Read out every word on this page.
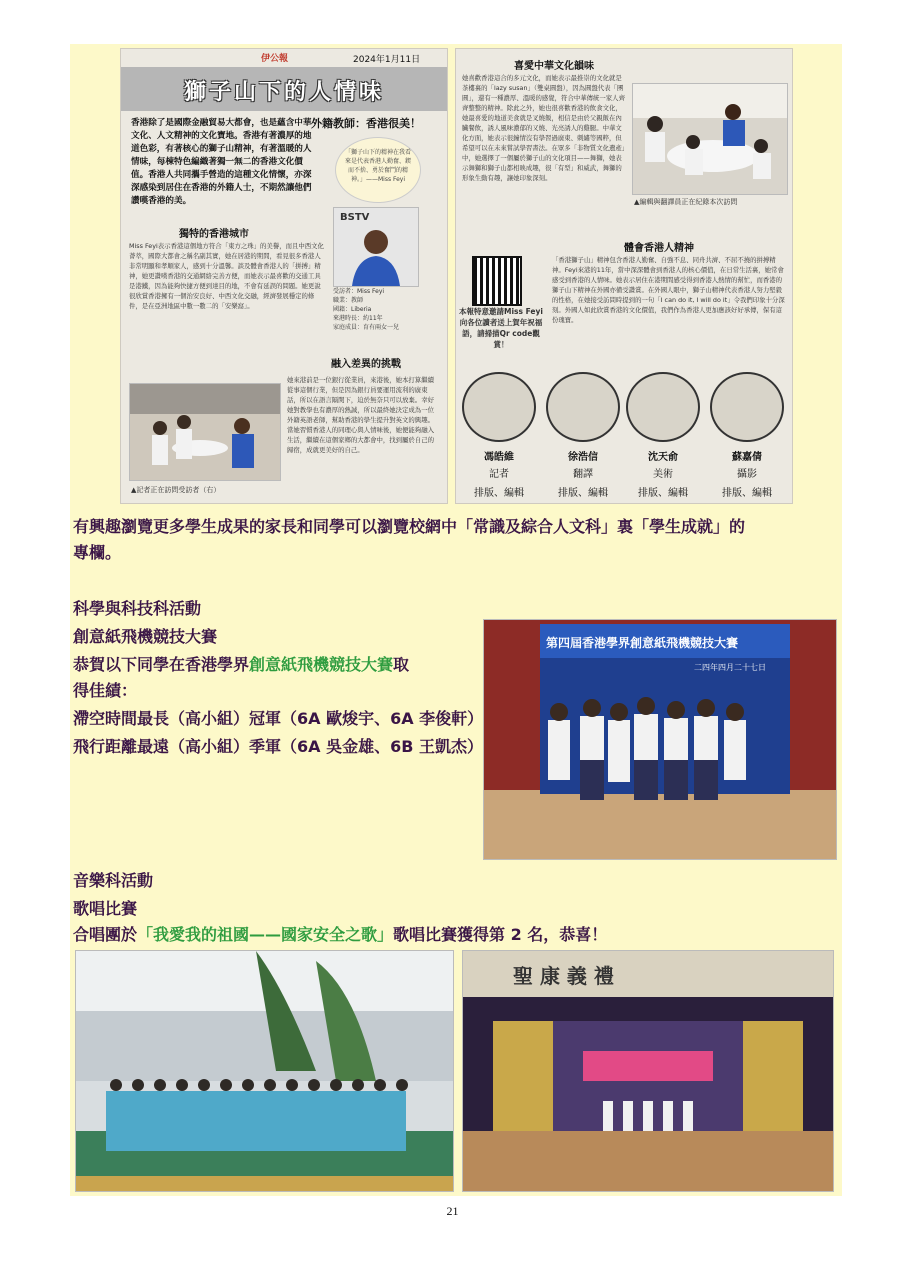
伊公報	2024年1月11日
獅子山下的人情味
外籍教師：香港很美！
香港除了是國際金融貿易大都會，也是蘊含中華文化、人文精神的文化寶地。香港有著濃厚的地道色彩，有著核心的獅子山精神，有著溫暖的人情味，每棟特色編織著獨一無二的香港文化價值。香港人共同攜手營造的這種文化情懷，亦深深感染到居住在香港的外籍人士，不期然讓他們讚嘆香港的美。
「獅子山下的精神在我看來是代表香港人勤奮、鍥而不捨、勇於奮鬥的精神。」——Miss Feyi
BSTV
受訪者：Miss Feyi
職業：教師
國籍：Liberia
來港時長：約11年
家庭成員：育有兩女一兒
獨特的香港城市
Miss Feyi表示香港這個地方符合「東方之珠」的美譽，而且中西文化薈萃，國際大都會之稱名副其實，她在居港的期間，看見很多香港人非常明顯和孝順家人，感到十分溫馨。談及體會香港人的「拼搏」精神，她更讚嘆香港的交通網絡完善方便，而她表示最喜歡的交通工具是港鐵，因為能夠快捷方便到達目的地，不會有延誤的問題。她更說很欣賞香港擁有一個治安良好、中西文化交融，經濟發展穩定的條件，是在亞洲地區中數一數二的「安樂窩」。
融入差異的挑戰
她來港前是一位銀行從業員，來港後，她本打算繼續從事這個行業，但是因為銀行員要運用流利的廣東話，所以在語言隔閡下，迫於無奈只可以放棄。幸好她對教學也有濃厚的熱誠，所以最終她決定成為一位外籍英語老師，幫助香港的學生提升對英文的興趣。當她習慣香港人的同理心與人情味後，她便能夠融入生活，繼續在這個家鄉的大都會中，找到屬於自己的歸宿，成就更美好的自己。
▲記者正在訪問受訪者（右）
喜愛中華文化韻味
她喜歡香港這合的多元文化，而她表示最推崇的文化就是茶樓裏的「lazy susan」（雙桌圓盤），因為圓盤代表「團圓」，還有一種濃厚、溫暖的感覺，符合中華傳統一家人齊齊整整的精神。除此之外，她也很喜歡香港的飲食文化，她最喜愛的地道美食就是叉燒飯，相信是由於父親飯在內臟餐飲，誘人風味濃郁的又燒、光亮誘人的雞腿。中華文化方面，她表示很鐘情沒有學習過廣東、刺繡等國粹，但希望可以在未來嘗試學習書法。在眾多「非物質文化遺產」中，她選擇了一個屬於獅子山的文化項目——舞獅，她表示舞獅和獅子山都相映成趣，很「有型」和威武，舞獅的形象生動有趣，讓她印象深刻。
▲編輯與翻譯員正在紀錄本次訪問
體會香港人精神
「香港獅子山」精神包含香港人勤奮、自強不息、同舟共濟、不屈不撓的拼搏精神。Feyi來港的11年，當中深深體會到香港人的核心價值，在日常生活裏，她常會感受到香港的人情味。她表示居住在港期間感受得到香港人熱情的幫忙，而香港的獅子山下精神在外國亦備受讚賞。在外國人眼中，獅子山精神代表香港人努力堅毅的性格，在她接受訪問時提到的一句「I can do it, I will do it」令我們印象十分深刻。外國人如此欣賞香港的文化價值，我們作為香港人更加應該好好承傳，保有這份瑰寶。
本報特意邀請Miss Feyi向各位讀者送上賀年祝福語，請掃描Qr code觀賞！
馮皓維
記者
排版、編輯
徐浩信
翻譯
排版、編輯
沈天俞
美術
排版、編輯
蘇嘉倩
攝影
排版、編輯
有興趣瀏覽更多學生成果的家長和同學可以瀏覽校網中「常識及綜合人文科」裏「學生成就」的
專欄。
科學與科技科活動
創意紙飛機競技大賽
恭賀以下同學在香港學界創意紙飛機競技大賽取
得佳績：
滯空時間最長（高小組）冠軍（6A 歐焌宇、6A 李俊軒）
飛行距離最遠（高小組）季軍（6A 吳金雄、6B 王凱杰）
第四屆香港學界創意紙飛機競技大賽
二四年四月二十七日
音樂科活動
歌唱比賽
合唱團於「我愛我的祖國——國家安全之歌」歌唱比賽獲得第 2 名，恭喜！
聖 康 義 禮
21
